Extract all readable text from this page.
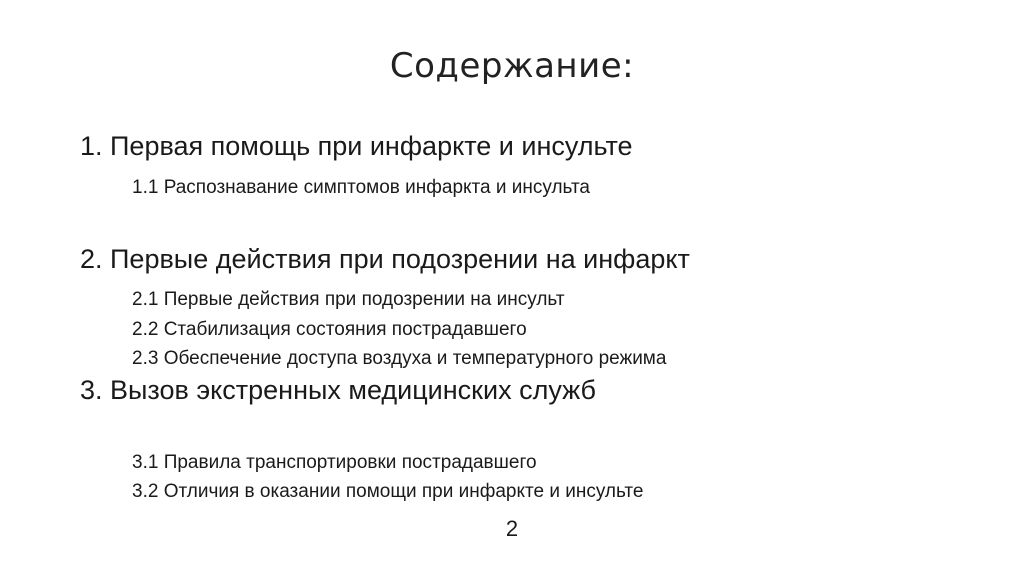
Содержание:
1. Первая помощь при инфаркте и инсульте
1.1 Распознавание симптомов инфаркта и инсульта
2. Первые действия при подозрении на инфаркт
2.1 Первые действия при подозрении на инсульт
2.2 Стабилизация состояния пострадавшего
2.3 Обеспечение доступа воздуха и температурного режима
3. Вызов экстренных медицинских служб
3.1 Правила транспортировки пострадавшего
3.2 Отличия в оказании помощи при инфаркте и инсульте
2
